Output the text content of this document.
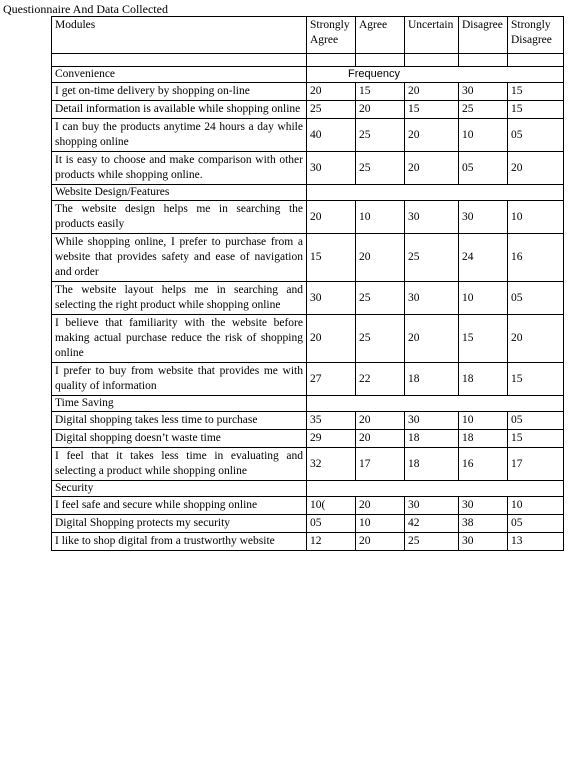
Questionnaire And Data Collected
Modules	Strongly Agree	Agree	Uncertain	Disagree	Strongly Disagree

Convenience	Frequency				
I get on-time delivery by shopping on-line	20	15	20	30	15
Detail information is available while shopping online	25	20	15	25	15
I can buy the products anytime 24 hours a day while shopping online	40	25	20	10	05
It is easy to choose and make comparison with other products while shopping online.	30	25	20	05	20
Website Design/Features					
The website design helps me in searching the products easily	20	10	30	30	10
While shopping online, I prefer to purchase from a website that provides safety and ease of navigation and order	15	20	25	24	16
The website layout helps me in searching and selecting the right product while shopping online	30	25	30	10	05
I believe that familiarity with the website before making actual purchase reduce the risk of shopping online	20	25	20	15	20
I prefer to buy from website that provides me with quality of information	27	22	18	18	15
Time Saving					
Digital shopping takes less time to purchase	35	20	30	10	05
Digital shopping doesn’t waste time	29	20	18	18	15
I feel that it takes less time in evaluating and selecting a product while shopping online	32	17	18	16	17
Security					
I feel safe and secure while shopping online	10(	20	30	30	10
Digital Shopping protects my security	05	10	42	38	05
I like to shop digital from a trustworthy website	12	20	25	30	13
